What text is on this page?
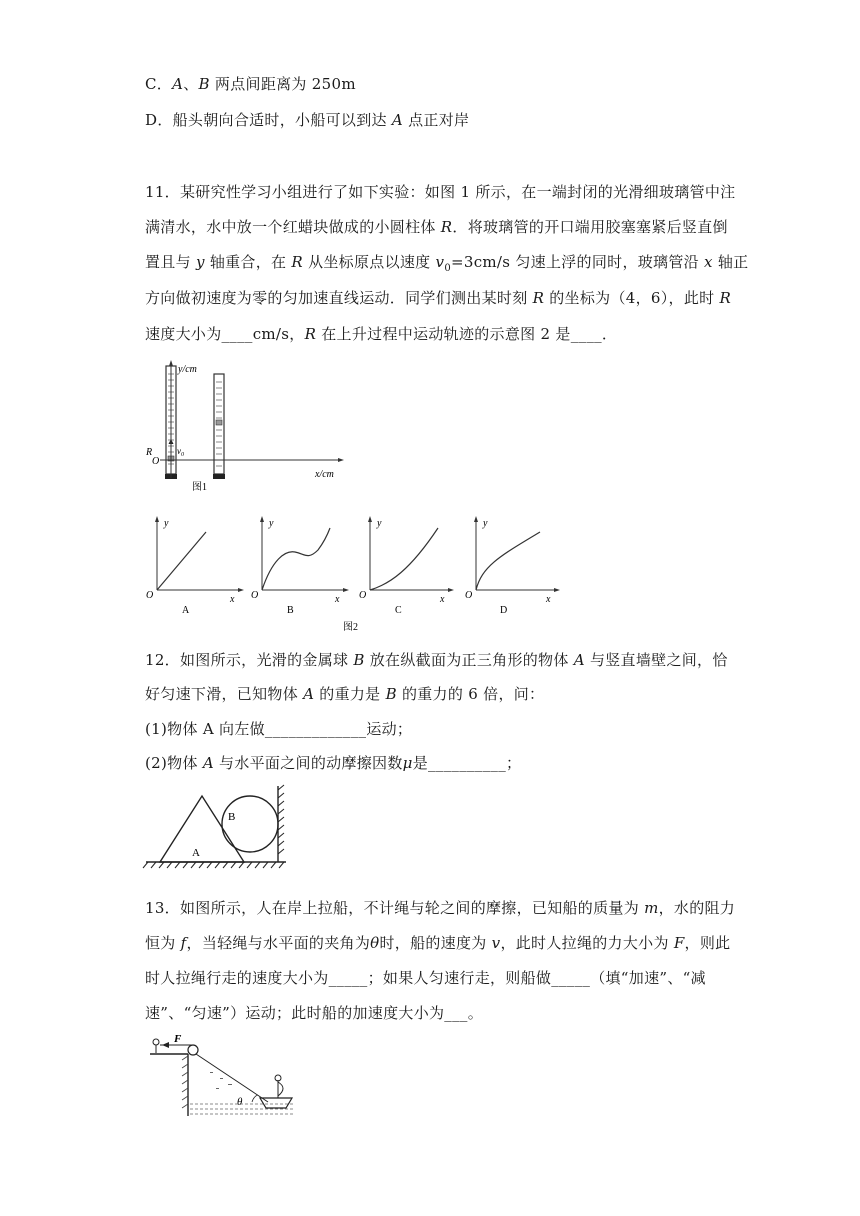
C．A、B 两点间距离为 250m
D．船头朝向合适时，小船可以到达 A 点正对岸
11．某研究性学习小组进行了如下实验：如图 1 所示，在一端封闭的光滑细玻璃管中注
满清水，水中放一个红蜡块做成的小圆柱体 R．将玻璃管的开口端用胶塞塞紧后竖直倒
置且与 y 轴重合，在 R 从坐标原点以速度 $v_0=3cm/s$ 匀速上浮的同时，玻璃管沿 x 轴正
方向做初速度为零的匀加速直线运动．同学们测出某时刻 R 的坐标为（4，6），此时 R
速度大小为____cm/s，R 在上升过程中运动轨迹的示意图 2 是____．
y/cm
x/cm
O
R	$v_0$
图1
y
O	x
A
y
O	x
B
y
O	x
C
y
O	x
D
图2
12．如图所示，光滑的金属球 B 放在纵截面为正三角形的物体 A 与竖直墙壁之间，恰
好匀速下滑，已知物体 A 的重力是 B 的重力的 6 倍，问：
(1)物体 A 向左做_____________运动；
(2)物体 A 与水平面之间的动摩擦因数μ是__________；
B
A
13．如图所示，人在岸上拉船，不计绳与轮之间的摩擦，已知船的质量为 m，水的阻力
恒为 f，当轻绳与水平面的夹角为θ时，船的速度为 v，此时人拉绳的力大小为 F，则此
时人拉绳行走的速度大小为_____；如果人匀速行走，则船做_____（填“加速”、“减
速”、“匀速”）运动；此时船的加速度大小为___。
F
θ
